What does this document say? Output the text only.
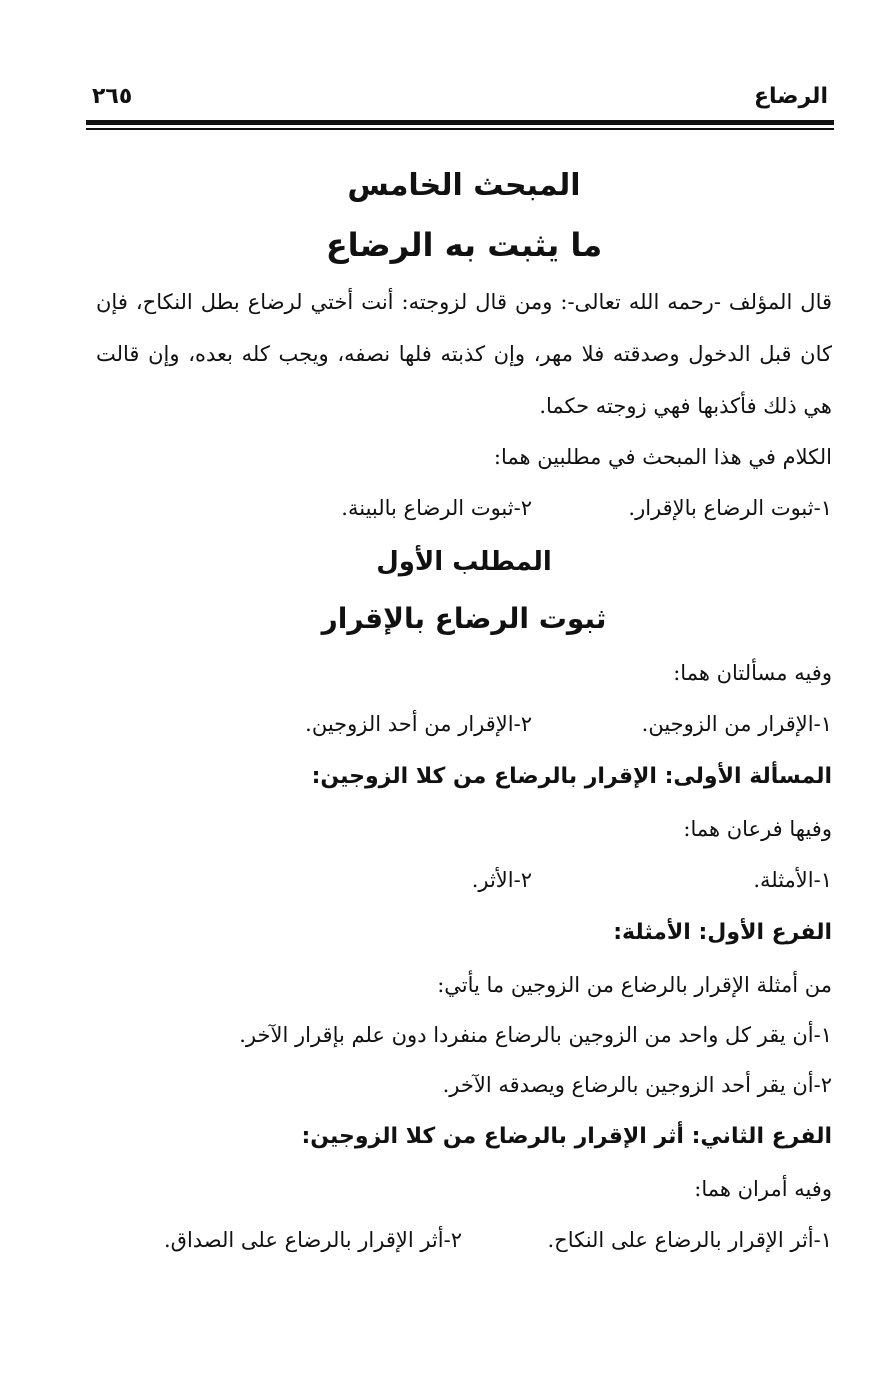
الرضاع
٢٦٥

المبحث الخامس

ما يثبت به الرضاع

قال المؤلف -رحمه الله تعالى-: ومن قال لزوجته: أنت أختي لرضاع بطل النكاح، فإن كان قبل الدخول وصدقته فلا مهر، وإن كذبته فلها نصفه، ويجب كله بعده، وإن قالت هي ذلك فأكذبها فهي زوجته حكما.

الكلام في هذا المبحث في مطلبين هما:

١-ثبوت الرضاع بالإقرار.
٢-ثبوت الرضاع بالبينة.

المطلب الأول

ثبوت الرضاع بالإقرار

وفيه مسألتان هما:

١-الإقرار من الزوجين.
٢-الإقرار من أحد الزوجين.

المسألة الأولى: الإقرار بالرضاع من كلا الزوجين:

وفيها فرعان هما:

١-الأمثلة.
٢-الأثر.

الفرع الأول: الأمثلة:

من أمثلة الإقرار بالرضاع من الزوجين ما يأتي:

١-أن يقر كل واحد من الزوجين بالرضاع منفردا دون علم بإقرار الآخر.

٢-أن يقر أحد الزوجين بالرضاع ويصدقه الآخر.

الفرع الثاني: أثر الإقرار بالرضاع من كلا الزوجين:

وفيه أمران هما:

١-أثر الإقرار بالرضاع على النكاح.
٢-أثر الإقرار بالرضاع على الصداق.
